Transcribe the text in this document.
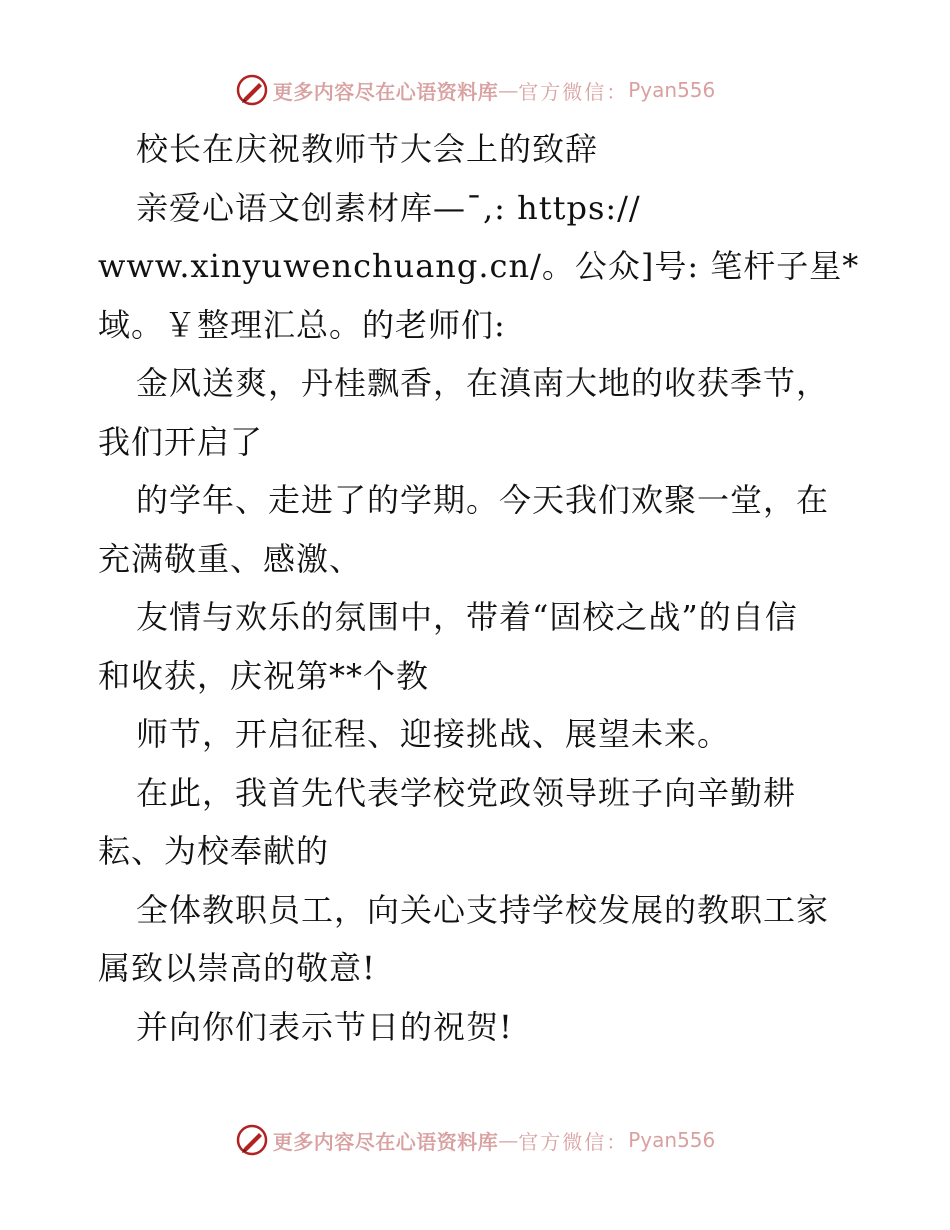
更多内容尽在心语资料库 — 官方微信： Pyan556
校长在庆祝教师节大会上的致辞
亲爱心语文创素材库—¯,: https://
www.xinyuwenchuang.cn/。公众]号: 笔杆子星*
域。￥整理汇总。的老师们:
金风送爽，丹桂飘香，在滇南大地的收获季节，
我们开启了
的学年、走进了的学期。今天我们欢聚一堂，在
充满敬重、感激、
友情与欢乐的氛围中，带着“固校之战”的自信
和收获，庆祝第**个教
师节，开启征程、迎接挑战、展望未来。
在此，我首先代表学校党政领导班子向辛勤耕
耘、为校奉献的
全体教职员工，向关心支持学校发展的教职工家
属致以崇高的敬意!
并向你们表示节日的祝贺!
更多内容尽在心语资料库 — 官方微信： Pyan556
